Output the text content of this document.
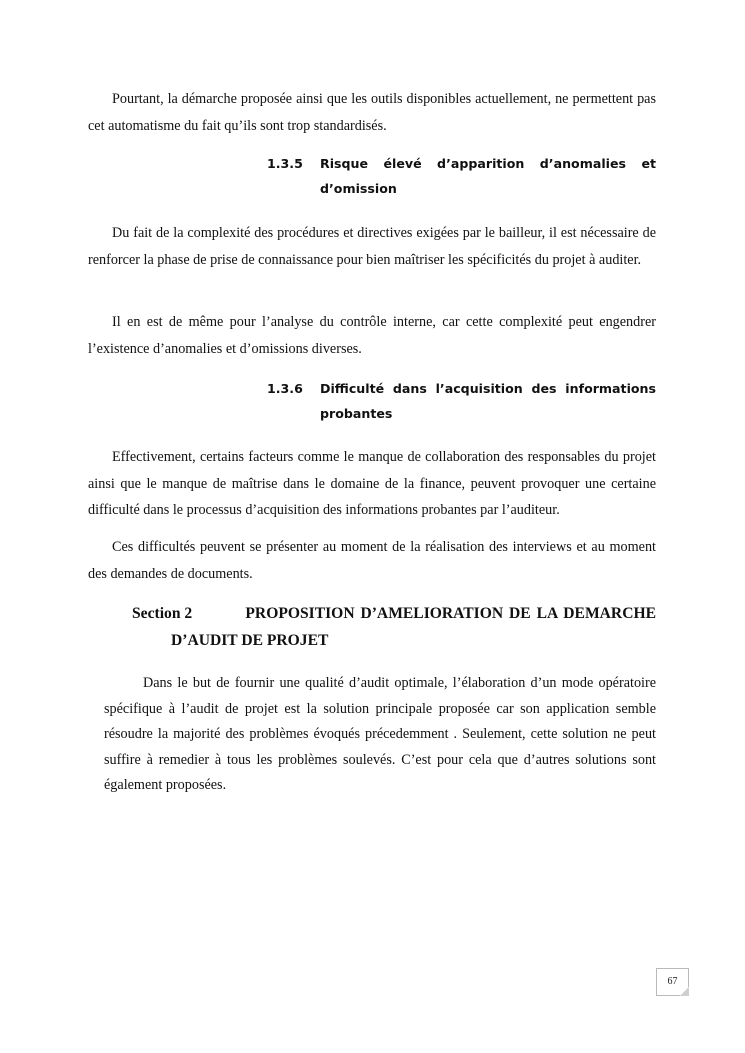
Pourtant, la démarche proposée ainsi que les outils disponibles actuellement, ne permettent pas cet automatisme du fait qu’ils sont trop standardisés.

1.3.5 Risque élevé d’apparition d’anomalies et
d’omission

Du fait de la complexité des procédures et directives exigées par le bailleur, il est nécessaire de renforcer la phase de prise de connaissance pour bien maîtriser les spécificités du projet à auditer.

Il en est de même pour l’analyse du contrôle interne, car cette complexité peut engendrer l’existence d’anomalies et d’omissions diverses.

1.3.6 Difficulté dans l’acquisition des informations
probantes

Effectivement, certains facteurs comme le manque de collaboration des responsables du projet ainsi que le manque de maîtrise dans le domaine de la finance, peuvent provoquer une certaine difficulté dans le processus d’acquisition des informations probantes par l’auditeur.

Ces difficultés peuvent se présenter au moment de la réalisation des interviews et au moment des demandes de documents.

Section 2	PROPOSITION D’AMELIORATION DE LA DEMARCHE
D’AUDIT DE PROJET

Dans le but de fournir une qualité d’audit optimale, l’élaboration d’un mode opératoire spécifique à l’audit de projet est la solution principale proposée car son application semble résoudre la majorité des problèmes évoqués précedemment . Seulement, cette solution ne peut suffire à remedier à tous les problèmes soulevés. C’est pour cela que d’autres solutions sont également proposées.

67
